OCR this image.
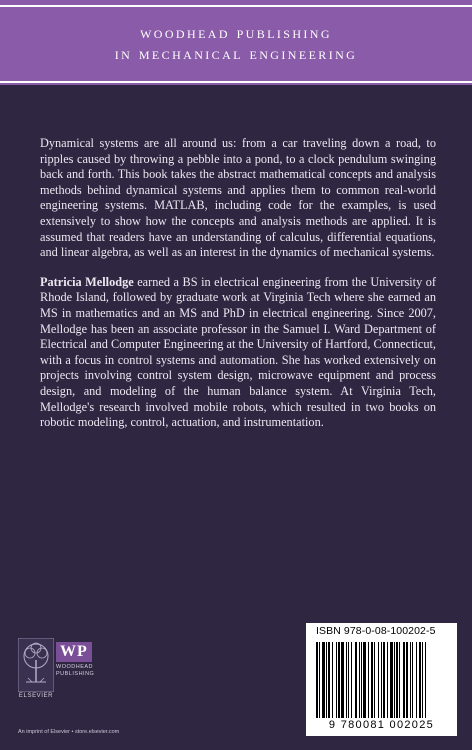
woodhead publishing
in mechanical engineering

Dynamical systems are all around us: from a car traveling down a road, to ripples caused by throwing a pebble into a pond, to a clock pendulum swinging back and forth. This book takes the abstract mathematical concepts and analysis methods behind dynamical systems and applies them to common real-world engineering systems. MATLAB, including code for the examples, is used extensively to show how the concepts and analysis methods are applied. It is assumed that readers have an understanding of calculus, differential equations, and linear algebra, as well as an interest in the dynamics of mechanical systems.

Patricia Mellodge earned a BS in electrical engineering from the University of Rhode Island, followed by graduate work at Virginia Tech where she earned an MS in mathematics and an MS and PhD in electrical engineering. Since 2007, Mellodge has been an associate professor in the Samuel I. Ward Department of Electrical and Computer Engineering at the University of Hartford, Connecticut, with a focus in control systems and automation. She has worked extensively on projects involving control system design, microwave equipment and process design, and modeling of the human balance system. At Virginia Tech, Mellodge's research involved mobile robots, which resulted in two books on robotic modeling, control, actuation, and instrumentation.

ELSEVIER
WP
WOODHEAD
PUBLISHING
An imprint of Elsevier • store.elsevier.com
ISBN 978-0-08-100202-5
9 780081 002025
